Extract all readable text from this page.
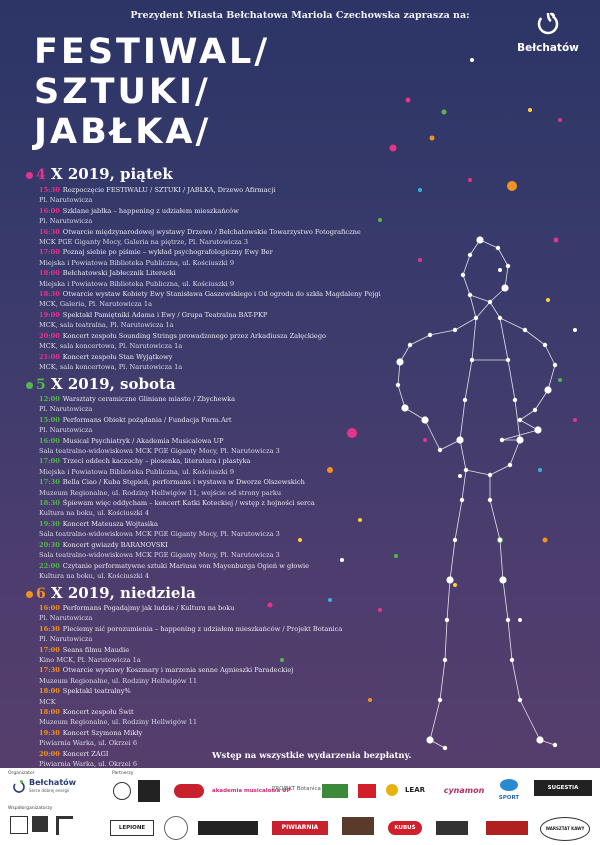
Prezydent Miasta Bełchatowa Mariola Czechowska zaprasza na:
Bełchatów
FESTIWAL/
SZTUKI/
JABŁKA/
4 X 2019, piątek
15:30 Rozpoczęcie FESTIWALU / SZTUKI / JABŁKA, Drzewo Afirmacji
Pl. Narutowicza
16:00 Szklane jabłka – happening z udziałem mieszkańców
Pl. Narutowicza
16:30 Otwarcie międzynarodowej wystawy Drzewo / Bełchatowskie Towarzystwo Fotograficzne
MCK PGE Giganty Mocy, Galeria na piętrze, Pl. Narutowicza 3
17:00 Poznaj siebie po piśmie – wykład psychografologiczny Ewy Ber
Miejska i Powiatowa Biblioteka Publiczna, ul. Kościuszki 9
18:00 Bełchatowski Jabłecznik Literacki
Miejska i Powiatowa Biblioteka Publiczna, ul. Kościuszki 9
18:30 Otwarcie wystaw Kobiety Ewy Stanisława Gaszewskiego i Od ogrodu do szkła Magdaleny Pejgi
MCK, Galeria, Pl. Narutowicza 1a
19:00 Spektakl Pamiętniki Adama i Ewy / Grupa Teatralna BAT-PKP
MCK, sala teatralna, Pl. Narutowicza 1a
20:00 Koncert zespołu Sounding Strings prowadzonego przez Arkadiusza Załęckiego
MCK, sala koncertowa, Pl. Narutowicza 1a
21:00 Koncert zespołu Stan Wyjątkowy
MCK, sala koncertowa, Pl. Narutowicza 1a
5 X 2019, sobota
12:00 Warsztaty ceramiczne Gliniane miasto / Zbychewka
Pl. Narutowicza
15:00 Performans Obiekt pożądania / Fundacja Form.Art
Pl. Narutowicza
16:00 Musical Psychiatryk / Akademia Musicalowa UP
Sala teatralno-widowiskowa MCK PGE Giganty Mocy, Pl. Narutowicza 3
17:00 Trzeci oddech kaczuchy – piosenka, literatura i plastyka
Miejska i Powiatowa Biblioteka Publiczna, ul. Kościuszki 9
17:30 Bella Ciao / Kuba Stępień, performans i wystawa w Dworze Olszewskich
Muzeum Regionalne, ul. Rodziny Hellwigów 11, wejście od strony parku
18:30 Śpiewam więc oddycham – koncert Katki Koteckiej / wstęp z hojności serca
Kultura na boku, ul. Kościuszki 4
19:30 Koncert Mateusza Wojtasika
Sala teatralno-widowiskowa MCK PGE Giganty Mocy, Pl. Narutowicza 3
20:30 Koncert gwiazdy BARANOVSKI
Sala teatralno-widowiskowa MCK PGE Giganty Mocy, Pl. Narutowicza 3
22:00 Czytanie performatywne sztuki Mariusa von Mayenburga Ogień w głowie
Kultura na boku, ul. Kościuszki 4
6 X 2019, niedziela
16:00 Performans Pogadajmy jak ludzie / Kultura na boku
Pl. Narutowicza
16:30 Pleciemy nić porozumienia – happening z udziałem mieszkańców / Projekt Botanica
Pl. Narutowicza
17:00 Seans filmu Maudie
Kino MCK, Pl. Narutowicza 1a
17:30 Otwarcie wystawy Koszmary i marzenia senne Agnieszki Paradeckiej
Muzeum Regionalne, ul. Rodziny Hellwigów 11
18:00 Spektakl teatralny%
MCK
18:00 Koncert zespołu Świt
Muzeum Regionalne, ul. Rodziny Hellwigów 11
19:30 Koncert Szymona Mikły
Piwiarnia Warka, ul. Okrzei 6
20:00 Koncert ZAGI
Piwiarnia Warka, ul. Okrzei 6
Wstęp na wszystkie wydarzenia bezpłatny.
Organizator
Bełchatów
Serce dobrej energii
Współorganizatorzy
Partnerzy
akademia musicalowa UP
PROJEKT Botanica	LEAR	cynamon
SPORT
SUGESTIA
LEPIONE	PIWIARNIA	KUBUŚ	WARSZTAT KAWY
